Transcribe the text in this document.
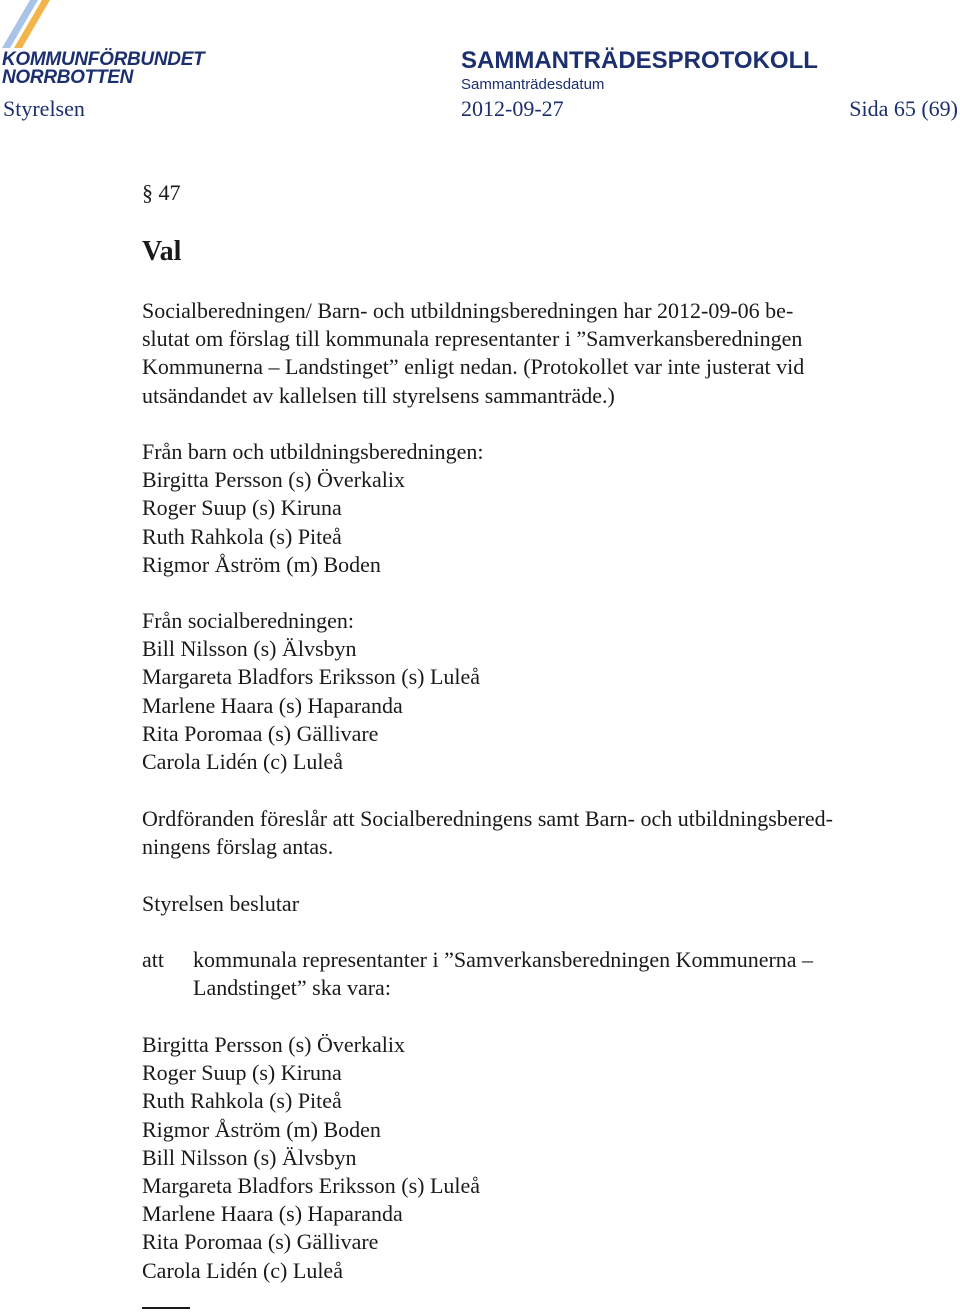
KOMMUNFÖRBUNDET
NORRBOTTEN
SAMMANTRÄDESPROTOKOLL
Sammanträdesdatum
Styrelsen	2012-09-27	Sida 65 (69)
§ 47
Val
Socialberedningen/ Barn- och utbildningsberedningen har 2012-09-06 be-
slutat om förslag till kommunala representanter i ”Samverkansberedningen
Kommunerna – Landstinget” enligt nedan. (Protokollet var inte justerat vid
utsändandet av kallelsen till styrelsens sammanträde.)
Från barn och utbildningsberedningen:
Birgitta Persson (s) Överkalix
Roger Suup (s) Kiruna
Ruth Rahkola (s) Piteå
Rigmor Åström (m) Boden
Från socialberedningen:
Bill Nilsson (s) Älvsbyn
Margareta Bladfors Eriksson (s) Luleå
Marlene Haara (s) Haparanda
Rita Poromaa (s) Gällivare
Carola Lidén (c) Luleå
Ordföranden föreslår att Socialberedningens samt Barn- och utbildningsbered-
ningens förslag antas.
Styrelsen beslutar
att kommunala representanter i ”Samverkansberedningen Kommunerna –
Landstinget” ska vara:
Birgitta Persson (s) Överkalix
Roger Suup (s) Kiruna
Ruth Rahkola (s) Piteå
Rigmor Åström (m) Boden
Bill Nilsson (s) Älvsbyn
Margareta Bladfors Eriksson (s) Luleå
Marlene Haara (s) Haparanda
Rita Poromaa (s) Gällivare
Carola Lidén (c) Luleå
